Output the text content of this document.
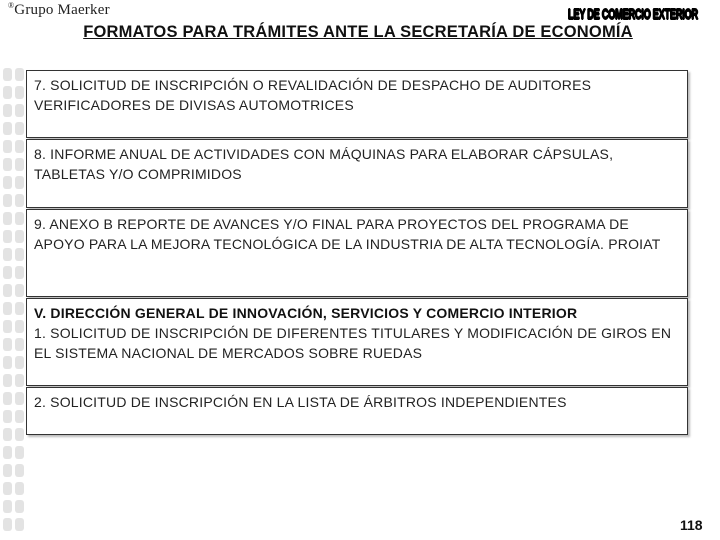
®Grupo Maerker	LEY DE COMERCIO EXTERIOR
FORMATOS PARA TRÁMITES ANTE LA SECRETARÍA DE ECONOMÍA

7. SOLICITUD DE INSCRIPCIÓN O REVALIDACIÓN DE DESPACHO DE AUDITORES VERIFICADORES DE DIVISAS AUTOMOTRICES

8. INFORME ANUAL DE ACTIVIDADES CON MÁQUINAS PARA ELABORAR CÁPSULAS, TABLETAS Y/O COMPRIMIDOS

9. ANEXO B REPORTE DE AVANCES Y/O FINAL PARA PROYECTOS DEL PROGRAMA DE APOYO PARA LA MEJORA TECNOLÓGICA DE LA INDUSTRIA DE ALTA TECNOLOGÍA. PROIAT

V. DIRECCIÓN GENERAL DE INNOVACIÓN, SERVICIOS Y COMERCIO INTERIOR

1. SOLICITUD DE INSCRIPCIÓN DE DIFERENTES TITULARES Y MODIFICACIÓN DE GIROS EN EL SISTEMA NACIONAL DE MERCADOS SOBRE RUEDAS

2. SOLICITUD DE INSCRIPCIÓN EN LA LISTA DE ÁRBITROS INDEPENDIENTES

118
